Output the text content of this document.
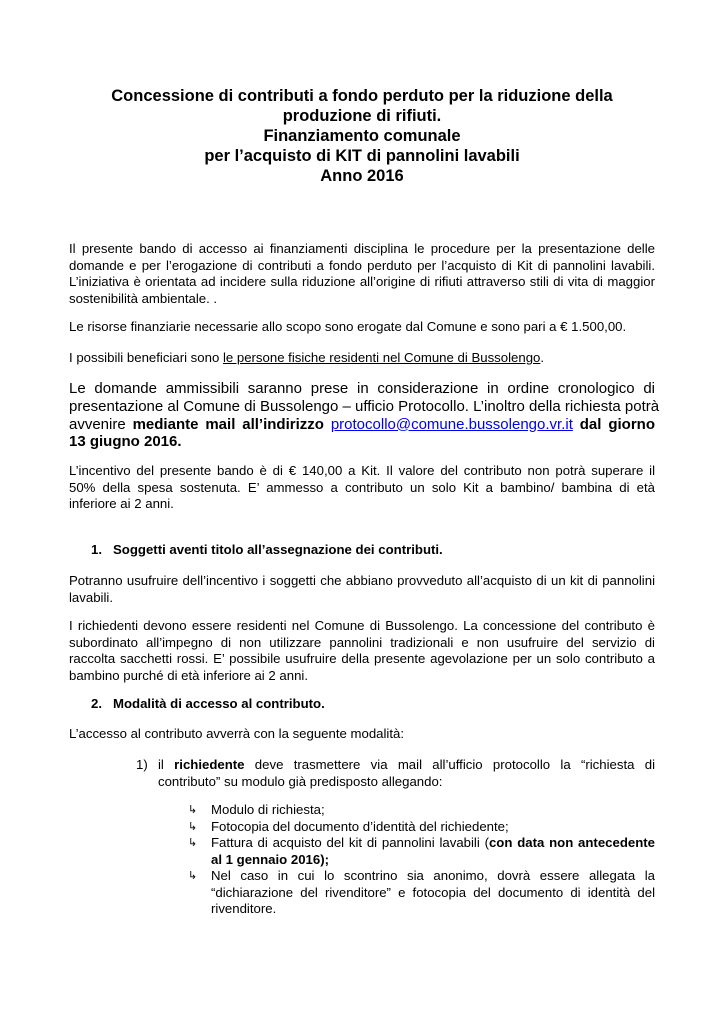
Concessione di contributi a fondo perduto per la riduzione della
produzione di rifiuti.
Finanziamento comunale
per l’acquisto di KIT di pannolini lavabili
Anno 2016
Il presente bando di accesso ai finanziamenti disciplina le procedure per la presentazione delle
domande e per l’erogazione di contributi a fondo perduto per l’acquisto di Kit di pannolini lavabili.
L’iniziativa è orientata ad incidere sulla riduzione all’origine di rifiuti attraverso stili di vita di maggior
sostenibilità ambientale. .
Le risorse finanziarie necessarie allo scopo sono erogate dal Comune e sono pari a € 1.500,00.
I possibili beneficiari sono le persone fisiche residenti nel Comune di Bussolengo.
Le domande ammissibili saranno prese in considerazione in ordine cronologico di
presentazione al Comune di Bussolengo – ufficio Protocollo. L’inoltro della richiesta potrà
avvenire mediante mail all’indirizzo protocollo@comune.bussolengo.vr.it dal giorno
13 giugno 2016.
L’incentivo del presente bando è di € 140,00 a Kit. Il valore del contributo non potrà superare il
50% della spesa sostenuta. E’ ammesso a contributo un solo Kit a bambino/ bambina di età
inferiore ai 2 anni.
1. Soggetti aventi titolo all’assegnazione dei contributi.
Potranno usufruire dell’incentivo i soggetti che abbiano provveduto all’acquisto di un kit di pannolini
lavabili.
I richiedenti devono essere residenti nel Comune di Bussolengo. La concessione del contributo è
subordinato all’impegno di non utilizzare pannolini tradizionali e non usufruire del servizio di
raccolta sacchetti rossi. E’ possibile usufruire della presente agevolazione per un solo contributo a
bambino purché di età inferiore ai 2 anni.
2. Modalità di accesso al contributo.
L’accesso al contributo avverrà con la seguente modalità:
1) il richiedente deve trasmettere via mail all’ufficio protocollo la “richiesta di
contributo” su modulo già predisposto allegando:
↳ Modulo di richiesta;
↳ Fotocopia del documento d’identità del richiedente;
↳ Fattura di acquisto del kit di pannolini lavabili (con data non antecedente
al 1 gennaio 2016);
↳ Nel caso in cui lo scontrino sia anonimo, dovrà essere allegata la
“dichiarazione del rivenditore” e fotocopia del documento di identità del
rivenditore.
